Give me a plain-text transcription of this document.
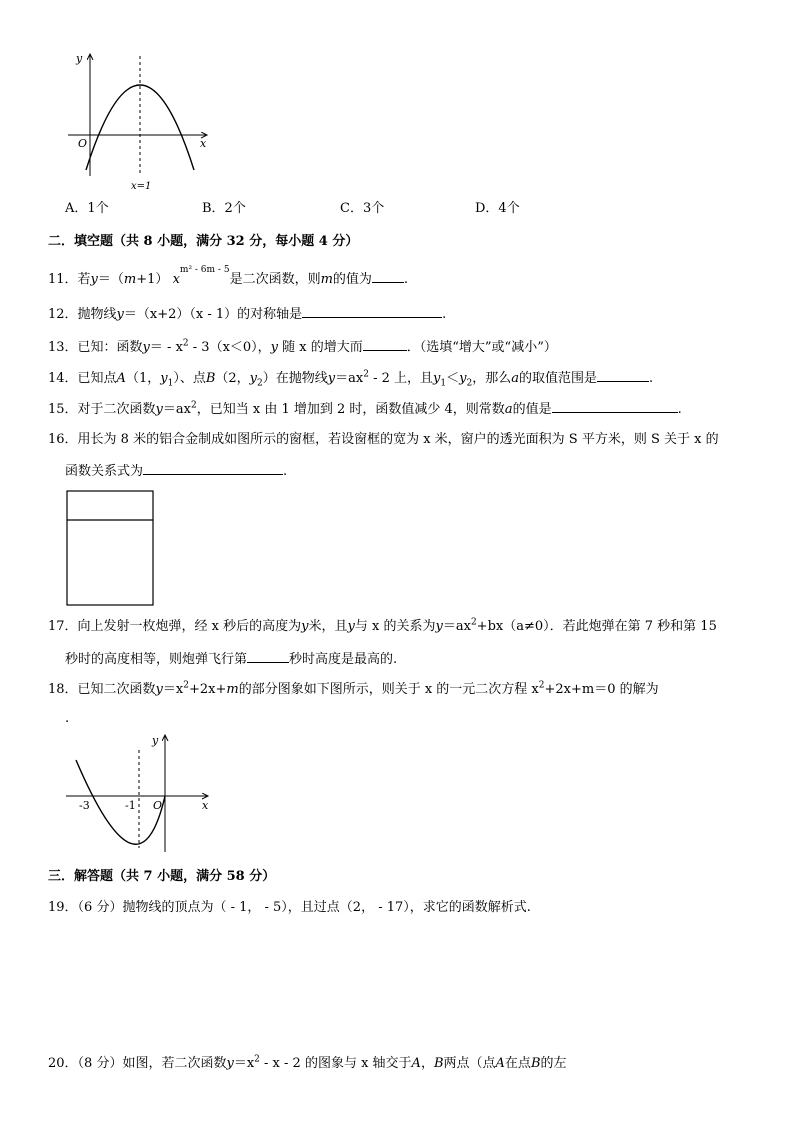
y
x
O
x=1
A．1个	B．2个	C．3个	D．4个
二．填空题（共 8 小题，满分 32 分，每小题 4 分）
11．若y＝（m+1） $x^{m^2 - 6m - 5}$是二次函数，则m的值为 .
12．抛物线y＝（x+2）（x - 1）的对称轴是	.
13．已知：函数$y= - x^2 - 3(x<0)$，y 随 x 的增大而	．（选填“增大”或“减小”）
14．已知点A（1，$y_1$）、点B（2，$y_2$）在抛物线$y=ax^2 - 2$ 上，且$y_1<y_2$，那么a的取值范围是	.
15．对于二次函数$y=ax^2$，已知当 x 由 1 增加到 2 时，函数值减少 4，则常数a的值是	.
16．用长为 8 米的铝合金制成如图所示的窗框，若设窗框的宽为 x 米，窗户的透光面积为 S 平方米，则 S 关于 x 的
函数关系式为	.
17．向上发射一枚炮弹，经 x 秒后的高度为y米，且y与 x 的关系为$y=ax^2+bx(a\ne 0)$．若此炮弹在第 7 秒和第 15
秒时的高度相等，则炮弹飞行第	秒时高度是最高的.
18．已知二次函数$y=x^2+2x+m$的部分图象如下图所示，则关于 x 的一元二次方程 $x^2+2x+m=0$ 的解为
.
y
x
O
-3	-1
三．解答题（共 7 小题，满分 58 分）
19．（6 分）抛物线的顶点为（ - 1， - 5），且过点（2， - 17），求它的函数解析式.
20．（8 分）如图，若二次函数$y=x^2 - x - 2$ 的图象与 x 轴交于A，B两点（点A在点B的左
